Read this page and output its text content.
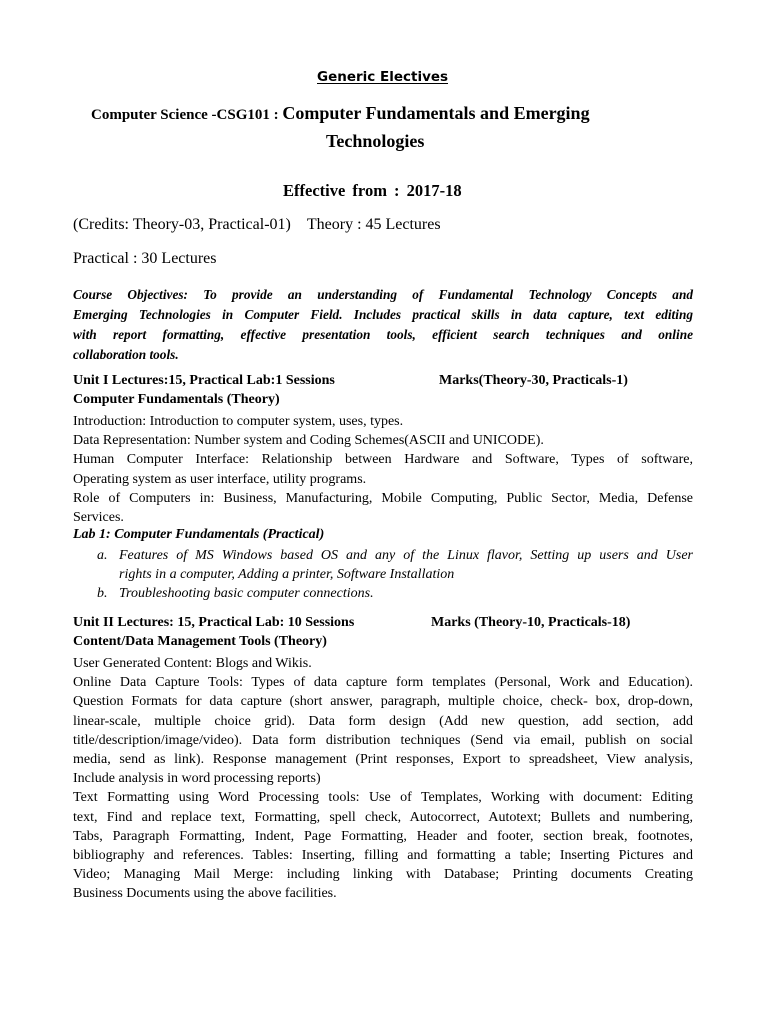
Generic Electives
Computer Science -CSG101 : Computer Fundamentals and Emerging
Technologies
Effective from : 2017-18
(Credits: Theory-03, Practical-01) Theory : 45 Lectures
Practical : 30 Lectures
Course Objectives: To provide an understanding of Fundamental Technology Concepts and
Emerging Technologies in Computer Field. Includes practical skills in data capture, text editing
with report formatting, effective presentation tools, efficient search techniques and online
collaboration tools.
Unit I Lectures:15, Practical Lab:1 Sessions	Marks(Theory-30, Practicals-1)
Computer Fundamentals (Theory)
Introduction: Introduction to computer system, uses, types.
Data Representation: Number system and Coding Schemes(ASCII and UNICODE).
Human Computer Interface: Relationship between Hardware and Software, Types of software,
Operating system as user interface, utility programs.
Role of Computers in: Business, Manufacturing, Mobile Computing, Public Sector, Media, Defense
Services.
Lab 1: Computer Fundamentals (Practical)
a. Features of MS Windows based OS and any of the Linux flavor, Setting up users and User
rights in a computer, Adding a printer, Software Installation
b. Troubleshooting basic computer connections.
Unit II Lectures: 15, Practical Lab: 10 Sessions	Marks (Theory-10, Practicals-18)
Content/Data Management Tools (Theory)
User Generated Content: Blogs and Wikis.
Online Data Capture Tools: Types of data capture form templates (Personal, Work and Education).
Question Formats for data capture (short answer, paragraph, multiple choice, check- box, drop-down,
linear-scale, multiple choice grid). Data form design (Add new question, add section, add
title/description/image/video). Data form distribution techniques (Send via email, publish on social
media, send as link). Response management (Print responses, Export to spreadsheet, View analysis,
Include analysis in word processing reports)
Text Formatting using Word Processing tools: Use of Templates, Working with document: Editing
text, Find and replace text, Formatting, spell check, Autocorrect, Autotext; Bullets and numbering,
Tabs, Paragraph Formatting, Indent, Page Formatting, Header and footer, section break, footnotes,
bibliography and references. Tables: Inserting, filling and formatting a table; Inserting Pictures and
Video; Managing Mail Merge: including linking with Database; Printing documents Creating
Business Documents using the above facilities.
